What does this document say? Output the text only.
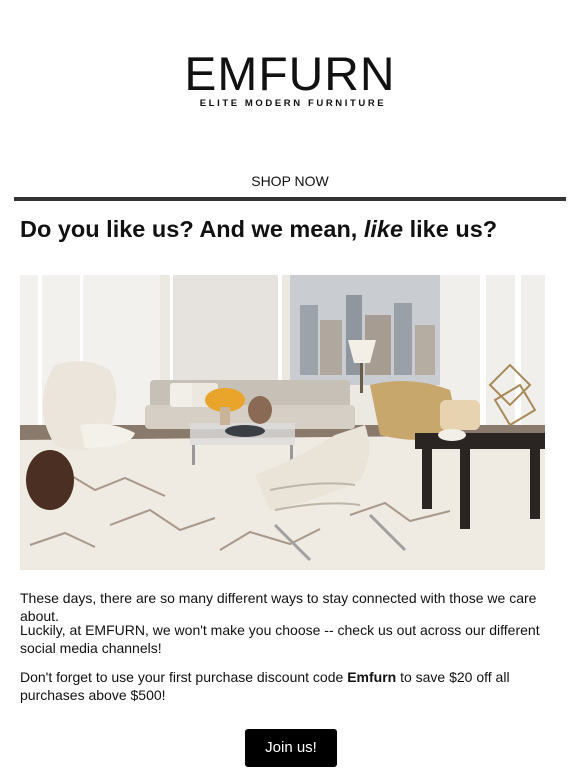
EMFURN
ELITE MODERN FURNITURE
SHOP NOW
Do you like us? And we mean, like like us?

These days, there are so many different ways to stay connected with those we care about.

Luckily, at EMFURN, we won't make you choose -- check us out across our different social media channels!

Don't forget to use your first purchase discount code Emfurn to save $20 off all purchases above $500!

Join us!
